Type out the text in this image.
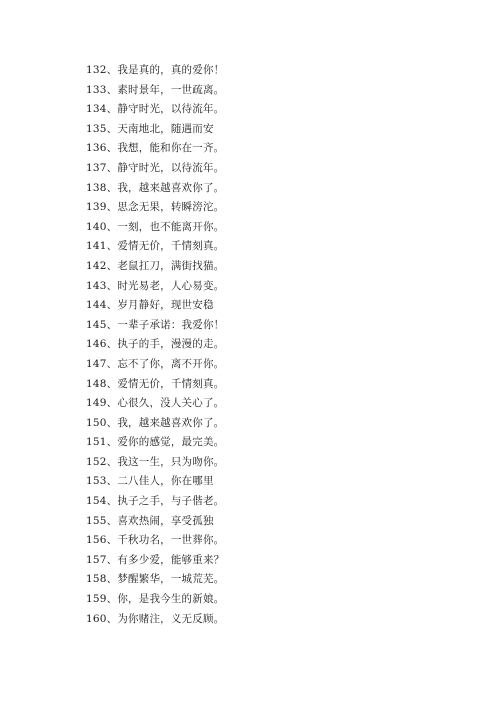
132、我是真的，真的爱你！
133、素时景年，一世疏离。
134、静守时光，以待流年。
135、天南地北，随遇而安
136、我想，能和你在一齐。
137、静守时光，以待流年。
138、我，越来越喜欢你了。
139、思念无果，转瞬滂沱。
140、一刻，也不能离开你。
141、爱情无价，千情刻真。
142、老鼠扛刀，满街找猫。
143、时光易老，人心易变。
144、岁月静好，现世安稳
145、一辈子承诺：我爱你！
146、执子的手，漫漫的走。
147、忘不了你，离不开你。
148、爱情无价，千情刻真。
149、心很久，没人关心了。
150、我，越来越喜欢你了。
151、爱你的感觉，最完美。
152、我这一生，只为吻你。
153、二八佳人，你在哪里
154、执子之手，与子偕老。
155、喜欢热闹，享受孤独
156、千秋功名，一世葬你。
157、有多少爱，能够重来？
158、梦醒繁华，一城荒芜。
159、你，是我今生的新娘。
160、为你赌注，义无反顾。
